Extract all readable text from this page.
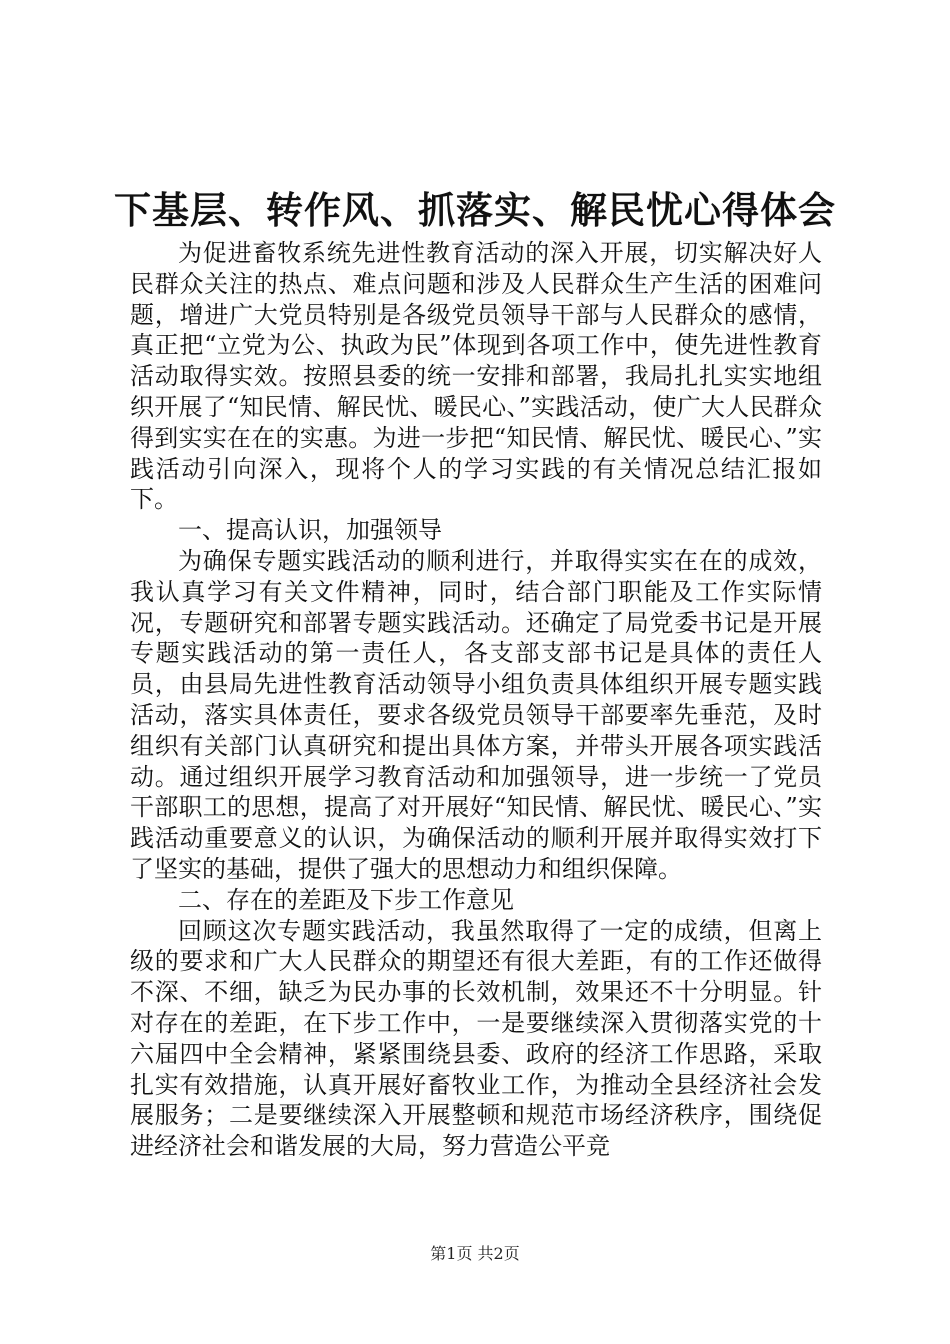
下基层、转作风、抓落实、解民忧心得体会

为促进畜牧系统先进性教育活动的深入开展，切实解决好人民群众关注的热点、难点问题和涉及人民群众生产生活的困难问题，增进广大党员特别是各级党员领导干部与人民群众的感情，真正把“立党为公、执政为民”体现到各项工作中，使先进性教育活动取得实效。按照县委的统一安排和部署，我局扎扎实实地组织开展了“知民情、解民忧、暖民心、”实践活动，使广大人民群众得到实实在在的实惠。为进一步把“知民情、解民忧、暖民心、”实践活动引向深入，现将个人的学习实践的有关情况总结汇报如下。

一、提高认识，加强领导

为确保专题实践活动的顺利进行，并取得实实在在的成效，我认真学习有关文件精神，同时，结合部门职能及工作实际情况，专题研究和部署专题实践活动。还确定了局党委书记是开展专题实践活动的第一责任人，各支部支部书记是具体的责任人员，由县局先进性教育活动领导小组负责具体组织开展专题实践活动，落实具体责任，要求各级党员领导干部要率先垂范，及时组织有关部门认真研究和提出具体方案，并带头开展各项实践活动。通过组织开展学习教育活动和加强领导，进一步统一了党员干部职工的思想，提高了对开展好“知民情、解民忧、暖民心、”实践活动重要意义的认识，为确保活动的顺利开展并取得实效打下了坚实的基础，提供了强大的思想动力和组织保障。

二、存在的差距及下步工作意见

回顾这次专题实践活动，我虽然取得了一定的成绩，但离上级的要求和广大人民群众的期望还有很大差距，有的工作还做得不深、不细，缺乏为民办事的长效机制，效果还不十分明显。针对存在的差距，在下步工作中，一是要继续深入贯彻落实党的十六届四中全会精神，紧紧围绕县委、政府的经济工作思路，采取扎实有效措施，认真开展好畜牧业工作，为推动全县经济社会发展服务；二是要继续深入开展整顿和规范市场经济秩序，围绕促进经济社会和谐发展的大局，努力营造公平竞

第1页 共2页
